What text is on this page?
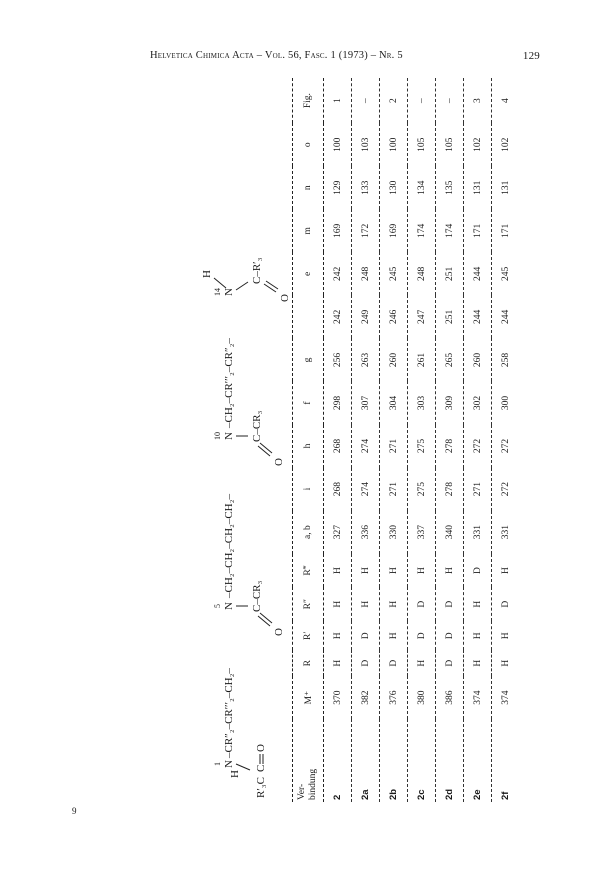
Helvetica Chimica Acta – Vol. 56, Fasc. 1 (1973) – Nr. 5	129
9
H
1 N
–CR″₂–CR′′′₂–CH₂–
R′₃C
C
O
5 N C–CR₃
O
–CH₂–CH₂–CH₂–CH₂–
10 N C–CR₃
O
–CH₂–CR′′′₂–CR″₂–
14 N
H	C–R′₃
O
Ver-
bindung	M⁺	R	R′	R″	R‴	a, b	i	h	f	g		e	m	n	o	Fig.
2	370	H	H	H	H	327	268	268	298	256	242	242	169	129	100	1
2a	382	D	D	H	H	336	274	274	307	263	249	248	172	133	103	–
2b	376	D	H	H	H	330	271	271	304	260	246	245	169	130	100	2
2c	380	H	D	D	H	337	275	275	303	261	247	248	174	134	105	–
2d	386	D	D	D	H	340	278	278	309	265	251	251	174	135	105	–
2e	374	H	H	H	D	331	271	272	302	260	244	244	171	131	102	3
2f	374	H	H	D	H	331	272	272	300	258	244	245	171	131	102	4
